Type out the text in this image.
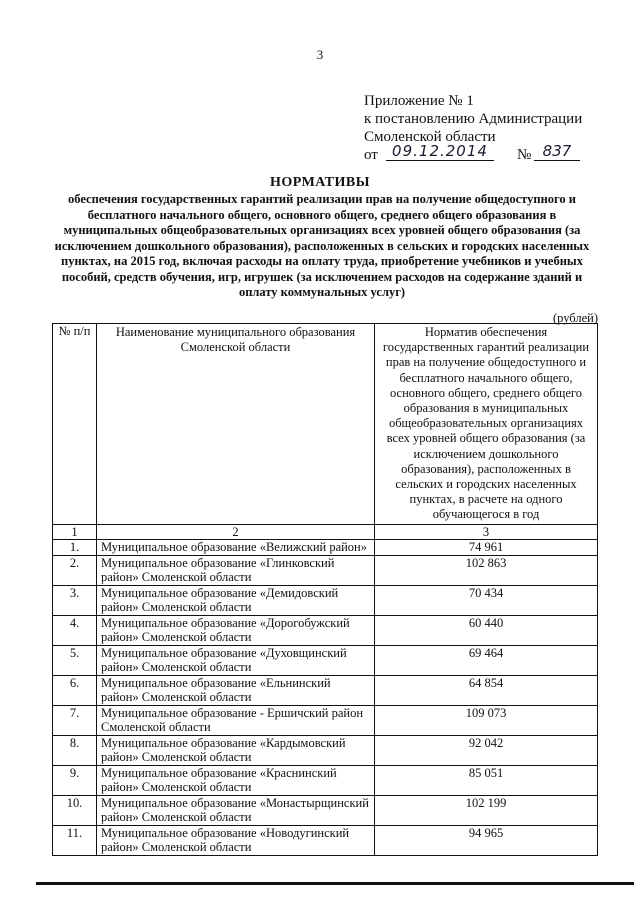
3
Приложение № 1
к постановлению Администрации
Смоленской области
от 09.12.2014	№ 837
НОРМАТИВЫ
обеспечения государственных гарантий реализации прав на получение общедоступного и бесплатного начального общего, основного общего, среднего общего образования в муниципальных общеобразовательных организациях всех уровней общего образования (за исключением дошкольного образования), расположенных в сельских и городских населенных пунктах, на 2015 год, включая расходы на оплату труда, приобретение учебников и учебных пособий, средств обучения, игр, игрушек (за исключением расходов на содержание зданий и оплату коммунальных услуг)
(рублей)
№ п/п	Наименование муниципального образования Смоленской области	Норматив обеспечения государственных гарантий реализации прав на получение общедоступного и бесплатного начального общего, основного общего, среднего общего образования в муниципальных общеобразовательных организациях всех уровней общего образования (за исключением дошкольного образования), расположенных в сельских и городских населенных пунктах, в расчете на одного обучающегося в год
1	2	3
1.	Муниципальное образование «Велижский район»	74 961
2.	Муниципальное образование «Глинковский район» Смоленской области	102 863
3.	Муниципальное образование «Демидовский район» Смоленской области	70 434
4.	Муниципальное образование «Дорогобужский район» Смоленской области	60 440
5.	Муниципальное образование «Духовщинский район» Смоленской области	69 464
6.	Муниципальное образование «Ельнинский район» Смоленской области	64 854
7.	Муниципальное образование - Ершичский район Смоленской области	109 073
8.	Муниципальное образование «Кардымовский район» Смоленской области	92 042
9.	Муниципальное образование «Краснинский район» Смоленской области	85 051
10.	Муниципальное образование «Монастырщинский район» Смоленской области	102 199
11.	Муниципальное образование «Новодугинский район» Смоленской области	94 965
